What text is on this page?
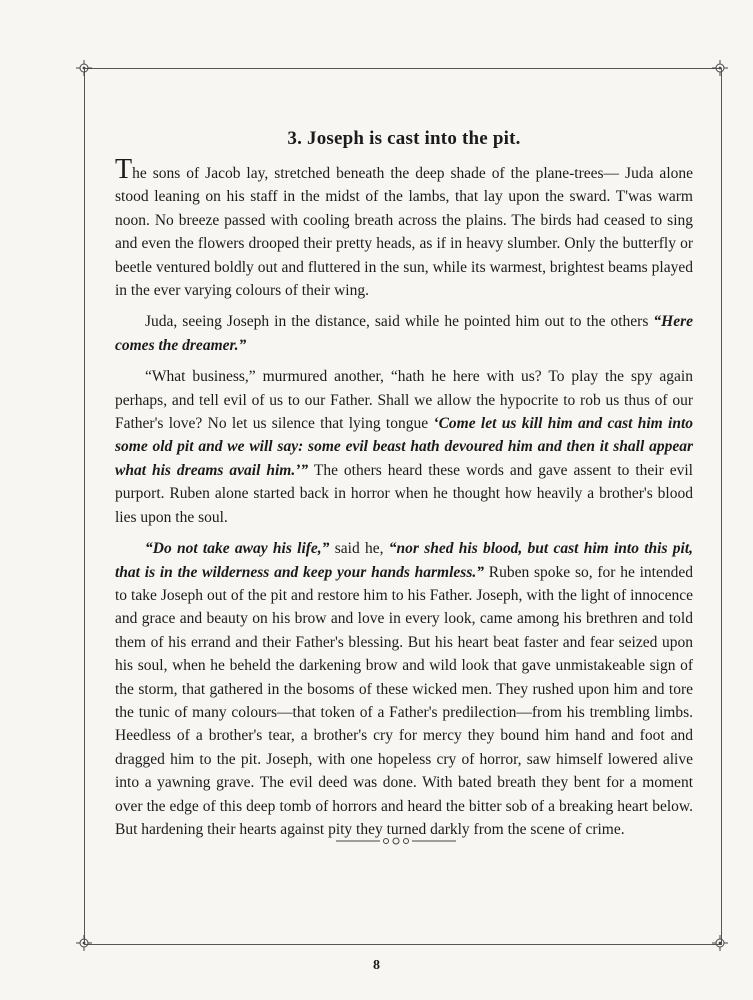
3. Joseph is cast into the pit.

The sons of Jacob lay, stretched beneath the deep shade of the plane-trees— Juda alone stood leaning on his staff in the midst of the lambs, that lay upon the sward. T'was warm noon. No breeze passed with cooling breath across the plains. The birds had ceased to sing and even the flowers drooped their pretty heads, as if in heavy slumber. Only the butterfly or beetle ventured boldly out and fluttered in the sun, while its warmest, brightest beams played in the ever varying colours of their wing.

Juda, seeing Joseph in the distance, said while he pointed him out to the others “Here comes the dreamer.”

“What business,” murmured another, “hath he here with us? To play the spy again perhaps, and tell evil of us to our Father. Shall we allow the hypocrite to rob us thus of our Father's love? No let us silence that lying tongue ‘Come let us kill him and cast him into some old pit and we will say: some evil beast hath devoured him and then it shall appear what his dreams avail him.’” The others heard these words and gave assent to their evil purport. Ruben alone started back in horror when he thought how heavily a brother's blood lies upon the soul.

“Do not take away his life,” said he, “nor shed his blood, but cast him into this pit, that is in the wilderness and keep your hands harmless.” Ruben spoke so, for he intended to take Joseph out of the pit and restore him to his Father. Joseph, with the light of innocence and grace and beauty on his brow and love in every look, came among his brethren and told them of his errand and their Father's blessing. But his heart beat faster and fear seized upon his soul, when he beheld the darkening brow and wild look that gave unmistakeable sign of the storm, that gathered in the bosoms of these wicked men. They rushed upon him and tore the tunic of many colours—that token of a Father's predilection—from his trembling limbs. Heedless of a brother's tear, a brother's cry for mercy they bound him hand and foot and dragged him to the pit. Joseph, with one hopeless cry of horror, saw himself lowered alive into a yawning grave. The evil deed was done. With bated breath they bent for a moment over the edge of this deep tomb of horrors and heard the bitter sob of a breaking heart below. But hardening their hearts against pity they turned darkly from the scene of crime.

8
